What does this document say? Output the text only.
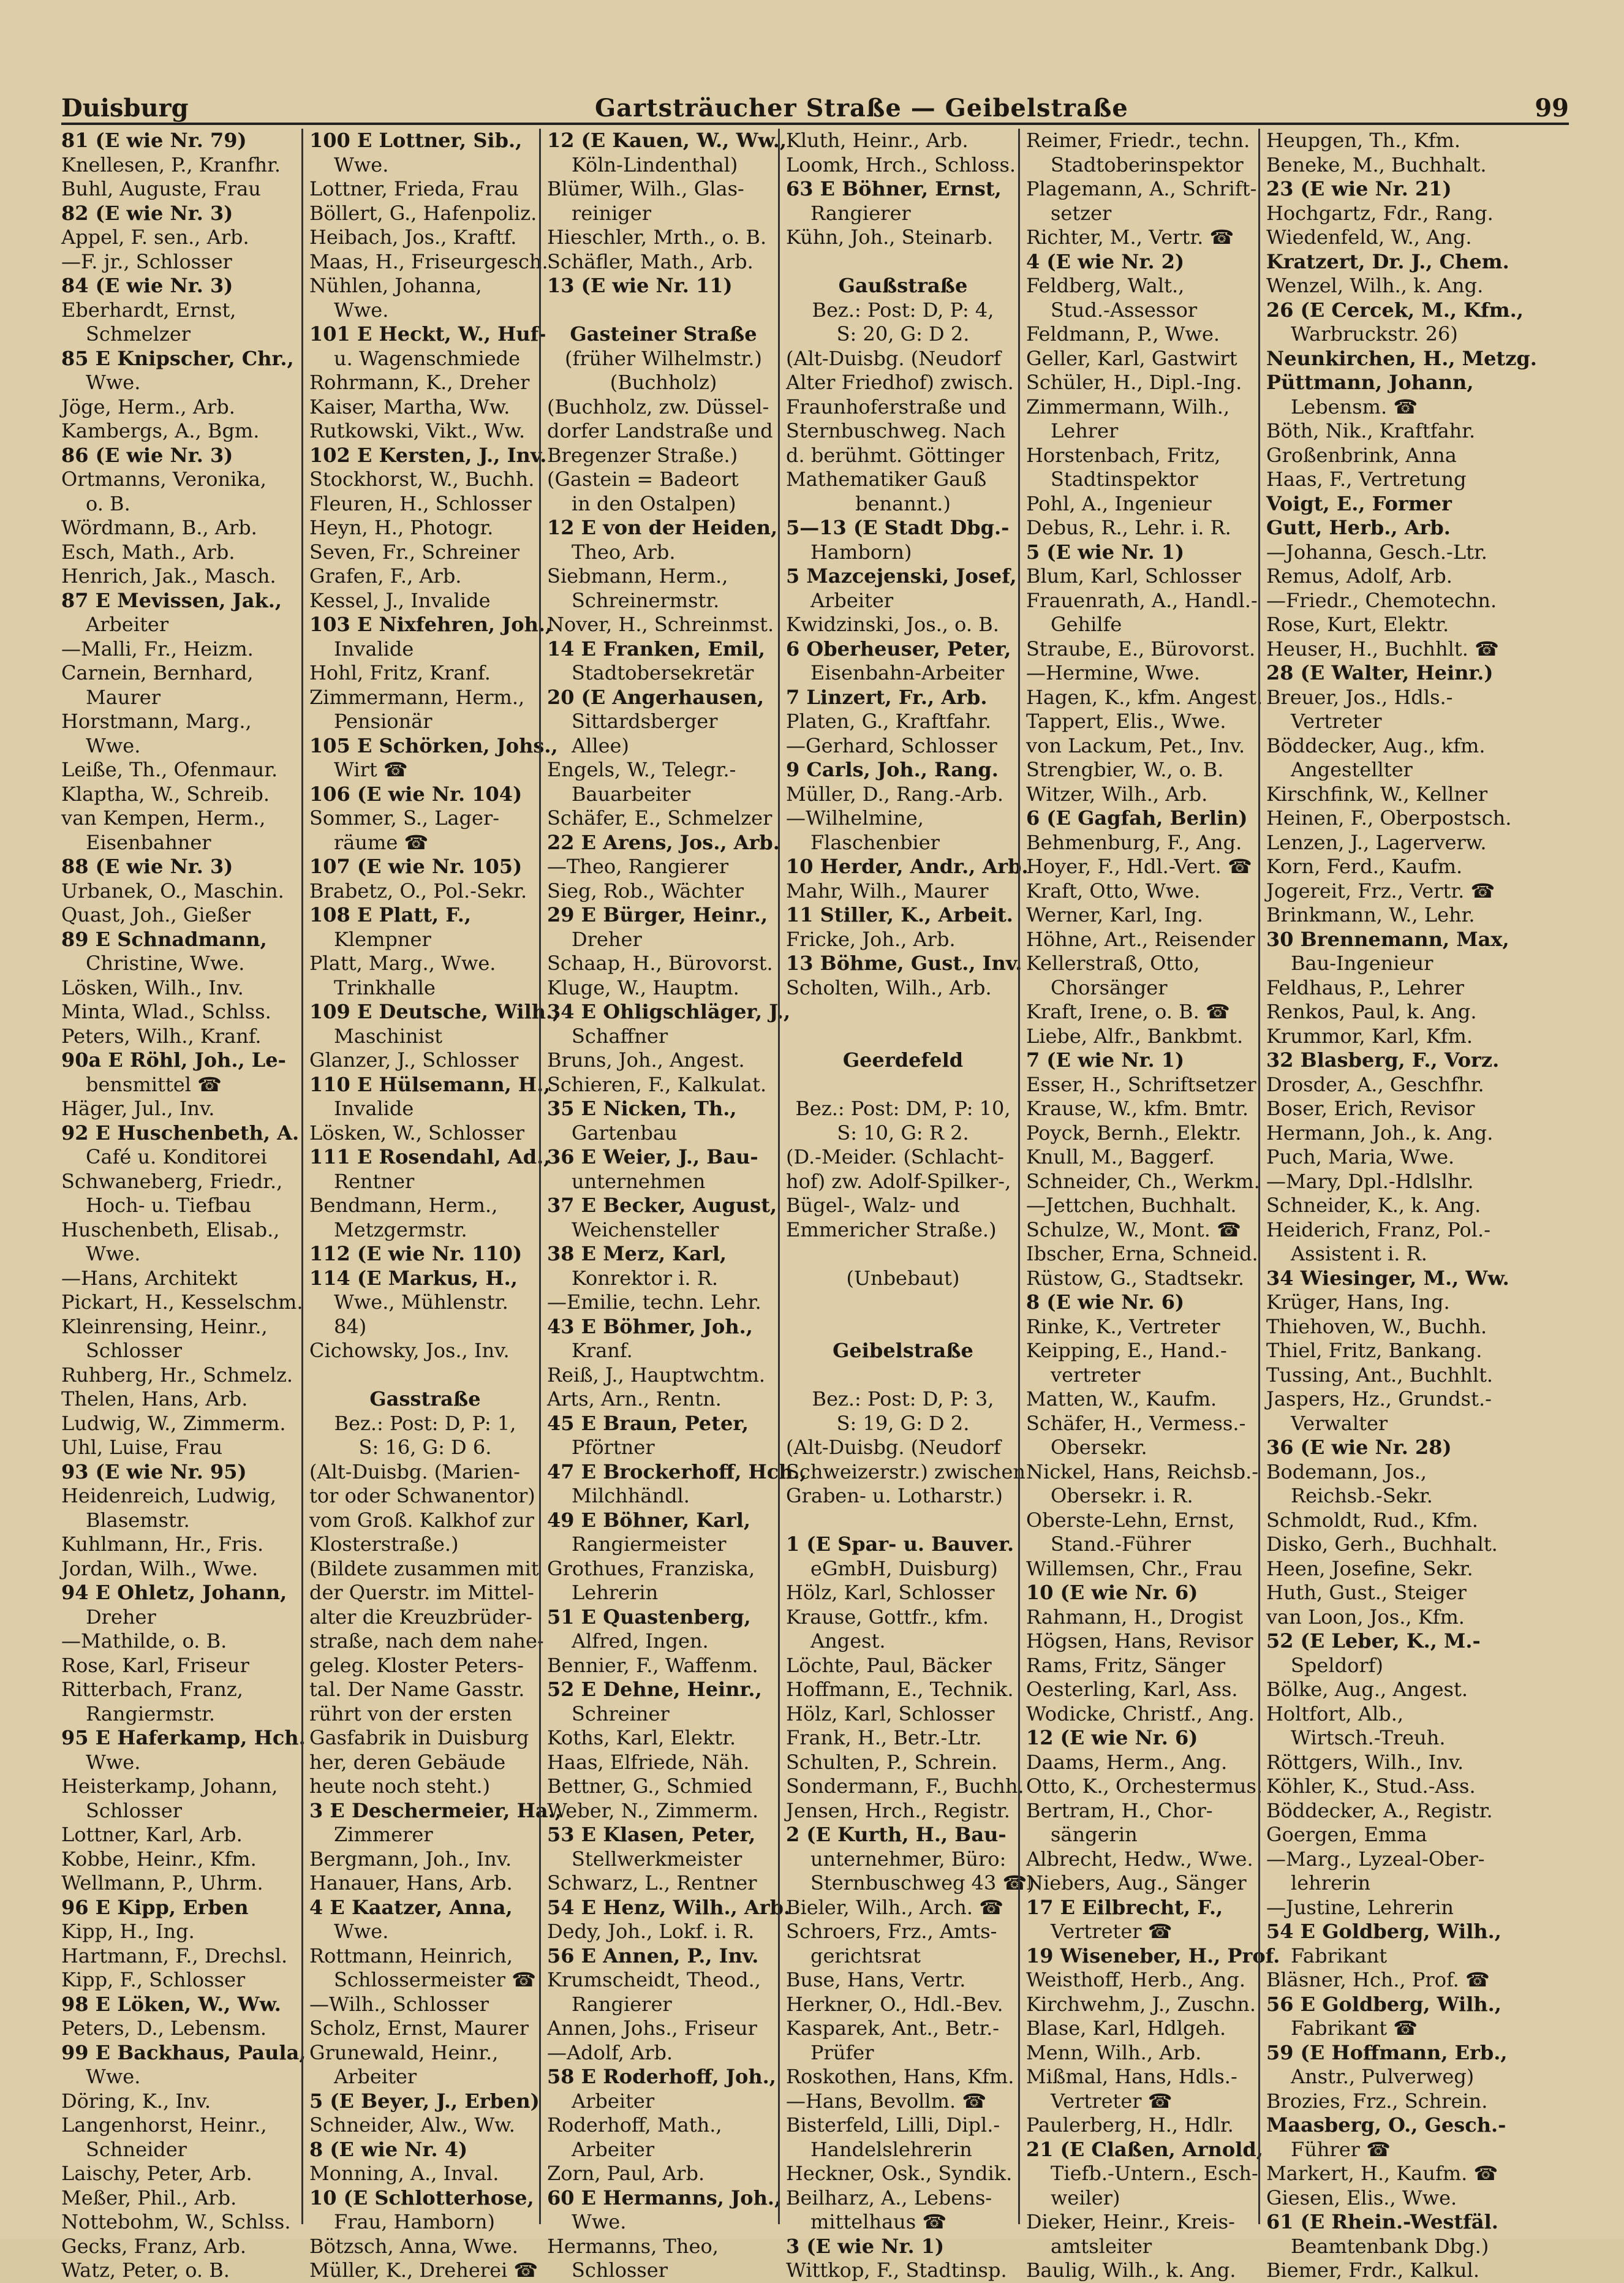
Duisburg	Gartsträucher Straße — Geibelstraße	99
81 (E wie Nr. 79)
Knellesen, P., Kranfhr.
Buhl, Auguste, Frau
82 (E wie Nr. 3)
Appel, F. sen., Arb.
—F. jr., Schlosser
84 (E wie Nr. 3)
Eberhardt, Ernst,
Schmelzer
85 E Knipscher, Chr.,
Wwe.
Jöge, Herm., Arb.
Kambergs, A., Bgm.
86 (E wie Nr. 3)
Ortmanns, Veronika,
o. B.
Wördmann, B., Arb.
Esch, Math., Arb.
Henrich, Jak., Masch.
87 E Mevissen, Jak.,
Arbeiter
—Malli, Fr., Heizm.
Carnein, Bernhard,
Maurer
Horstmann, Marg.,
Wwe.
Leiße, Th., Ofenmaur.
Klaptha, W., Schreib.
van Kempen, Herm.,
Eisenbahner
88 (E wie Nr. 3)
Urbanek, O., Maschin.
Quast, Joh., Gießer
89 E Schnadmann,
Christine, Wwe.
Lösken, Wilh., Inv.
Minta, Wlad., Schlss.
Peters, Wilh., Kranf.
90a E Röhl, Joh., Le-
bensmittel ☎
Häger, Jul., Inv.
92 E Huschenbeth, A.
Café u. Konditorei
Schwaneberg, Friedr.,
Hoch- u. Tiefbau
Huschenbeth, Elisab.,
Wwe.
—Hans, Architekt
Pickart, H., Kesselschm.
Kleinrensing, Heinr.,
Schlosser
Ruhberg, Hr., Schmelz.
Thelen, Hans, Arb.
Ludwig, W., Zimmerm.
Uhl, Luise, Frau
93 (E wie Nr. 95)
Heidenreich, Ludwig,
Blasemstr.
Kuhlmann, Hr., Fris.
Jordan, Wilh., Wwe.
94 E Ohletz, Johann,
Dreher
—Mathilde, o. B.
Rose, Karl, Friseur
Ritterbach, Franz,
Rangiermstr.
95 E Haferkamp, Hch.
Wwe.
Heisterkamp, Johann,
Schlosser
Lottner, Karl, Arb.
Kobbe, Heinr., Kfm.
Wellmann, P., Uhrm.
96 E Kipp, Erben
Kipp, H., Ing.
Hartmann, F., Drechsl.
Kipp, F., Schlosser
98 E Löken, W., Ww.
Peters, D., Lebensm.
99 E Backhaus, Paula,
Wwe.
Döring, K., Inv.
Langenhorst, Heinr.,
Schneider
Laischy, Peter, Arb.
Meßer, Phil., Arb.
Nottebohm, W., Schlss.
Gecks, Franz, Arb.
Watz, Peter, o. B.
100 E Lottner, Sib.,
Wwe.
Lottner, Frieda, Frau
Böllert, G., Hafenpoliz.
Heibach, Jos., Kraftf.
Maas, H., Friseurgesch.
Nühlen, Johanna,
Wwe.
101 E Heckt, W., Huf-
u. Wagenschmiede
Rohrmann, K., Dreher
Kaiser, Martha, Ww.
Rutkowski, Vikt., Ww.
102 E Kersten, J., Inv.
Stockhorst, W., Buchh.
Fleuren, H., Schlosser
Heyn, H., Photogr.
Seven, Fr., Schreiner
Grafen, F., Arb.
Kessel, J., Invalide
103 E Nixfehren, Joh.,
Invalide
Hohl, Fritz, Kranf.
Zimmermann, Herm.,
Pensionär
105 E Schörken, Johs.,
Wirt ☎
106 (E wie Nr. 104)
Sommer, S., Lager-
räume ☎
107 (E wie Nr. 105)
Brabetz, O., Pol.-Sekr.
108 E Platt, F.,
Klempner
Platt, Marg., Wwe.
Trinkhalle
109 E Deutsche, Wilh.,
Maschinist
Glanzer, J., Schlosser
110 E Hülsemann, H.,
Invalide
Lösken, W., Schlosser
111 E Rosendahl, Ad.,
Rentner
Bendmann, Herm.,
Metzgermstr.
112 (E wie Nr. 110)
114 (E Markus, H.,
Wwe., Mühlenstr.
84)
Cichowsky, Jos., Inv.
Gasstraße
Bez.: Post: D, P: 1,
S: 16, G: D 6.
(Alt-Duisbg. (Marien-
tor oder Schwanentor)
vom Groß. Kalkhof zur
Klosterstraße.)
(Bildete zusammen mit
der Querstr. im Mittel-
alter die Kreuzbrüder-
straße, nach dem nahe-
geleg. Kloster Peters-
tal. Der Name Gasstr.
rührt von der ersten
Gasfabrik in Duisburg
her, deren Gebäude
heute noch steht.)
3 E Deschermeier, Ha.,
Zimmerer
Bergmann, Joh., Inv.
Hanauer, Hans, Arb.
4 E Kaatzer, Anna,
Wwe.
Rottmann, Heinrich,
Schlossermeister ☎
—Wilh., Schlosser
Scholz, Ernst, Maurer
Grunewald, Heinr.,
Arbeiter
5 (E Beyer, J., Erben)
Schneider, Alw., Ww.
8 (E wie Nr. 4)
Monning, A., Inval.
10 (E Schlotterhose,
Frau, Hamborn)
Bötzsch, Anna, Wwe.
Müller, K., Dreherei ☎
12 (E Kauen, W., Ww.,
Köln-Lindenthal)
Blümer, Wilh., Glas-
reiniger
Hieschler, Mrth., o. B.
Schäfler, Math., Arb.
13 (E wie Nr. 11)
Gasteiner Straße
(früher Wilhelmstr.)
(Buchholz)
(Buchholz, zw. Düssel-
dorfer Landstraße und
Bregenzer Straße.)
(Gastein = Badeort
in den Ostalpen)
12 E von der Heiden,
Theo, Arb.
Siebmann, Herm.,
Schreinermstr.
Nover, H., Schreinmst.
14 E Franken, Emil,
Stadtobersekretär
20 (E Angerhausen,
Sittardsberger
Allee)
Engels, W., Telegr.-
Bauarbeiter
Schäfer, E., Schmelzer
22 E Arens, Jos., Arb.
—Theo, Rangierer
Sieg, Rob., Wächter
29 E Bürger, Heinr.,
Dreher
Schaap, H., Bürovorst.
Kluge, W., Hauptm.
34 E Ohligschläger, J.,
Schaffner
Bruns, Joh., Angest.
Schieren, F., Kalkulat.
35 E Nicken, Th.,
Gartenbau
36 E Weier, J., Bau-
unternehmen
37 E Becker, August,
Weichensteller
38 E Merz, Karl,
Konrektor i. R.
—Emilie, techn. Lehr.
43 E Böhmer, Joh.,
Kranf.
Reiß, J., Hauptwchtm.
Arts, Arn., Rentn.
45 E Braun, Peter,
Pförtner
47 E Brockerhoff, Hch.,
Milchhändl.
49 E Böhner, Karl,
Rangiermeister
Grothues, Franziska,
Lehrerin
51 E Quastenberg,
Alfred, Ingen.
Bennier, F., Waffenm.
52 E Dehne, Heinr.,
Schreiner
Koths, Karl, Elektr.
Haas, Elfriede, Näh.
Bettner, G., Schmied
Weber, N., Zimmerm.
53 E Klasen, Peter,
Stellwerkmeister
Schwarz, L., Rentner
54 E Henz, Wilh., Arb.
Dedy, Joh., Lokf. i. R.
56 E Annen, P., Inv.
Krumscheidt, Theod.,
Rangierer
Annen, Johs., Friseur
—Adolf, Arb.
58 E Roderhoff, Joh.,
Arbeiter
Roderhoff, Math.,
Arbeiter
Zorn, Paul, Arb.
60 E Hermanns, Joh.,
Wwe.
Hermanns, Theo,
Schlosser
Kluth, Heinr., Arb.
Loomk, Hrch., Schloss.
63 E Böhner, Ernst,
Rangierer
Kühn, Joh., Steinarb.
Gaußstraße
Bez.: Post: D, P: 4,
S: 20, G: D 2.
(Alt-Duisbg. (Neudorf
Alter Friedhof) zwisch.
Fraunhoferstraße und
Sternbuschweg. Nach
d. berühmt. Göttinger
Mathematiker Gauß
benannt.)
5—13 (E Stadt Dbg.-
Hamborn)
5 Mazcejenski, Josef,
Arbeiter
Kwidzinski, Jos., o. B.
6 Oberheuser, Peter,
Eisenbahn-Arbeiter
7 Linzert, Fr., Arb.
Platen, G., Kraftfahr.
—Gerhard, Schlosser
9 Carls, Joh., Rang.
Müller, D., Rang.-Arb.
—Wilhelmine,
Flaschenbier
10 Herder, Andr., Arb.
Mahr, Wilh., Maurer
11 Stiller, K., Arbeit.
Fricke, Joh., Arb.
13 Böhme, Gust., Inv.
Scholten, Wilh., Arb.
Geerdefeld
Bez.: Post: DM, P: 10,
S: 10, G: R 2.
(D.-Meider. (Schlacht-
hof) zw. Adolf-Spilker-,
Bügel-, Walz- und
Emmericher Straße.)
(Unbebaut)
Geibelstraße
Bez.: Post: D, P: 3,
S: 19, G: D 2.
(Alt-Duisbg. (Neudorf
Schweizerstr.) zwischen
Graben- u. Lotharstr.)
1 (E Spar- u. Bauver.
eGmbH, Duisburg)
Hölz, Karl, Schlosser
Krause, Gottfr., kfm.
Angest.
Löchte, Paul, Bäcker
Hoffmann, E., Technik.
Hölz, Karl, Schlosser
Frank, H., Betr.-Ltr.
Schulten, P., Schrein.
Sondermann, F., Buchh.
Jensen, Hrch., Registr.
2 (E Kurth, H., Bau-
unternehmer, Büro:
Sternbuschweg 43 ☎)
Bieler, Wilh., Arch. ☎
Schroers, Frz., Amts-
gerichtsrat
Buse, Hans, Vertr.
Herkner, O., Hdl.-Bev.
Kasparek, Ant., Betr.-
Prüfer
Roskothen, Hans, Kfm.
—Hans, Bevollm. ☎
Bisterfeld, Lilli, Dipl.-
Handelslehrerin
Heckner, Osk., Syndik.
Beilharz, A., Lebens-
mittelhaus ☎
3 (E wie Nr. 1)
Wittkop, F., Stadtinsp.
Reimer, Friedr., techn.
Stadtoberinspektor
Plagemann, A., Schrift-
setzer
Richter, M., Vertr. ☎
4 (E wie Nr. 2)
Feldberg, Walt.,
Stud.-Assessor
Feldmann, P., Wwe.
Geller, Karl, Gastwirt
Schüler, H., Dipl.-Ing.
Zimmermann, Wilh.,
Lehrer
Horstenbach, Fritz,
Stadtinspektor
Pohl, A., Ingenieur
Debus, R., Lehr. i. R.
5 (E wie Nr. 1)
Blum, Karl, Schlosser
Frauenrath, A., Handl.-
Gehilfe
Straube, E., Bürovorst.
—Hermine, Wwe.
Hagen, K., kfm. Angest.
Tappert, Elis., Wwe.
von Lackum, Pet., Inv.
Strengbier, W., o. B.
Witzer, Wilh., Arb.
6 (E Gagfah, Berlin)
Behmenburg, F., Ang.
Hoyer, F., Hdl.-Vert. ☎
Kraft, Otto, Wwe.
Werner, Karl, Ing.
Höhne, Art., Reisender
Kellerstraß, Otto,
Chorsänger
Kraft, Irene, o. B. ☎
Liebe, Alfr., Bankbmt.
7 (E wie Nr. 1)
Esser, H., Schriftsetzer
Krause, W., kfm. Bmtr.
Poyck, Bernh., Elektr.
Knull, M., Baggerf.
Schneider, Ch., Werkm.
—Jettchen, Buchhalt.
Schulze, W., Mont. ☎
Ibscher, Erna, Schneid.
Rüstow, G., Stadtsekr.
8 (E wie Nr. 6)
Rinke, K., Vertreter
Keipping, E., Hand.-
vertreter
Matten, W., Kaufm.
Schäfer, H., Vermess.-
Obersekr.
Nickel, Hans, Reichsb.-
Obersekr. i. R.
Oberste-Lehn, Ernst,
Stand.-Führer
Willemsen, Chr., Frau
10 (E wie Nr. 6)
Rahmann, H., Drogist
Högsen, Hans, Revisor
Rams, Fritz, Sänger
Oesterling, Karl, Ass.
Wodicke, Christf., Ang.
12 (E wie Nr. 6)
Daams, Herm., Ang.
Otto, K., Orchestermus.
Bertram, H., Chor-
sängerin
Albrecht, Hedw., Wwe.
Niebers, Aug., Sänger
17 E Eilbrecht, F.,
Vertreter ☎
19 Wiseneber, H., Prof.
Weisthoff, Herb., Ang.
Kirchwehm, J., Zuschn.
Blase, Karl, Hdlgeh.
Menn, Wilh., Arb.
Mißmal, Hans, Hdls.-
Vertreter ☎
Paulerberg, H., Hdlr.
21 (E Claßen, Arnold,
Tiefb.-Untern., Esch-
weiler)
Dieker, Heinr., Kreis-
amtsleiter
Baulig, Wilh., k. Ang.
Heupgen, Th., Kfm.
Beneke, M., Buchhalt.
23 (E wie Nr. 21)
Hochgartz, Fdr., Rang.
Wiedenfeld, W., Ang.
Kratzert, Dr. J., Chem.
Wenzel, Wilh., k. Ang.
26 (E Cercek, M., Kfm.,
Warbruckstr. 26)
Neunkirchen, H., Metzg.
Püttmann, Johann,
Lebensm. ☎
Böth, Nik., Kraftfahr.
Großenbrink, Anna
Haas, F., Vertretung
Voigt, E., Former
Gutt, Herb., Arb.
—Johanna, Gesch.-Ltr.
Remus, Adolf, Arb.
—Friedr., Chemotechn.
Rose, Kurt, Elektr.
Heuser, H., Buchhlt. ☎
28 (E Walter, Heinr.)
Breuer, Jos., Hdls.-
Vertreter
Böddecker, Aug., kfm.
Angestellter
Kirschfink, W., Kellner
Heinen, F., Oberpostsch.
Lenzen, J., Lagerverw.
Korn, Ferd., Kaufm.
Jogereit, Frz., Vertr. ☎
Brinkmann, W., Lehr.
30 Brennemann, Max,
Bau-Ingenieur
Feldhaus, P., Lehrer
Renkos, Paul, k. Ang.
Krummor, Karl, Kfm.
32 Blasberg, F., Vorz.
Drosder, A., Geschfhr.
Boser, Erich, Revisor
Hermann, Joh., k. Ang.
Puch, Maria, Wwe.
—Mary, Dpl.-Hdlslhr.
Schneider, K., k. Ang.
Heiderich, Franz, Pol.-
Assistent i. R.
34 Wiesinger, M., Ww.
Krüger, Hans, Ing.
Thiehoven, W., Buchh.
Thiel, Fritz, Bankang.
Tussing, Ant., Buchhlt.
Jaspers, Hz., Grundst.-
Verwalter
36 (E wie Nr. 28)
Bodemann, Jos.,
Reichsb.-Sekr.
Schmoldt, Rud., Kfm.
Disko, Gerh., Buchhalt.
Heen, Josefine, Sekr.
Huth, Gust., Steiger
van Loon, Jos., Kfm.
52 (E Leber, K., M.-
Speldorf)
Bölke, Aug., Angest.
Holtfort, Alb.,
Wirtsch.-Treuh.
Röttgers, Wilh., Inv.
Köhler, K., Stud.-Ass.
Böddecker, A., Registr.
Goergen, Emma
—Marg., Lyzeal-Ober-
lehrerin
—Justine, Lehrerin
54 E Goldberg, Wilh.,
Fabrikant
Bläsner, Hch., Prof. ☎
56 E Goldberg, Wilh.,
Fabrikant ☎
59 (E Hoffmann, Erb.,
Anstr., Pulverweg)
Brozies, Frz., Schrein.
Maasberg, O., Gesch.-
Führer ☎
Markert, H., Kaufm. ☎
Giesen, Elis., Wwe.
61 (E Rhein.-Westfäl.
Beamtenbank Dbg.)
Biemer, Frdr., Kalkul.
